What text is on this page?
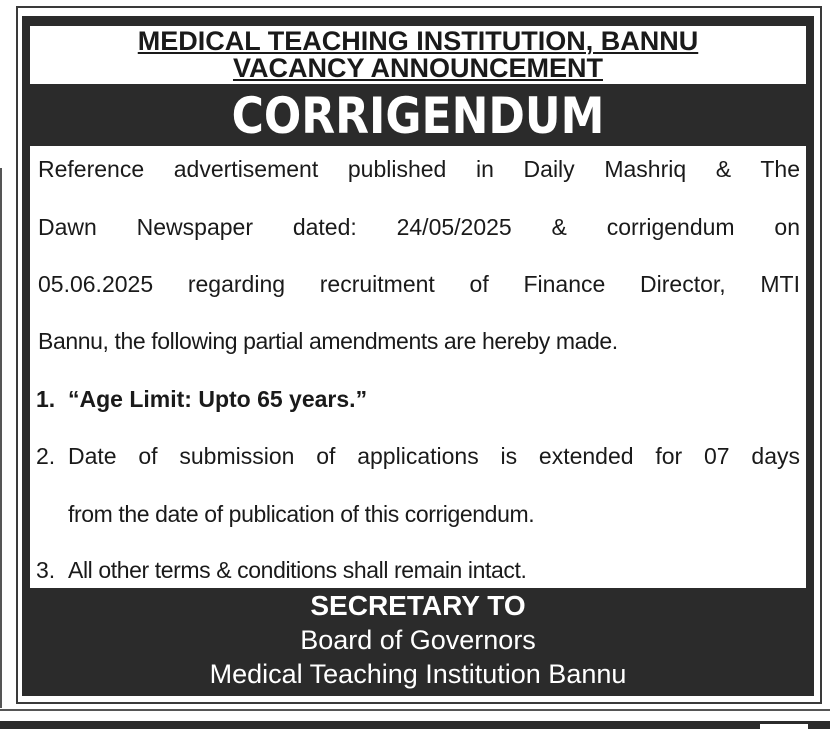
MEDICAL TEACHING INSTITUTION, BANNU
VACANCY ANNOUNCEMENT
CORRIGENDUM
Reference advertisement published in Daily Mashriq & The
Dawn Newspaper dated: 24/05/2025 & corrigendum on
05.06.2025 regarding recruitment of Finance Director, MTI
Bannu, the following partial amendments are hereby made.
1. “Age Limit: Upto 65 years.”
2. Date of submission of applications is extended for 07 days
from the date of publication of this corrigendum.
3. All other terms & conditions shall remain intact.
SECRETARY TO
Board of Governors
Medical Teaching Institution Bannu
